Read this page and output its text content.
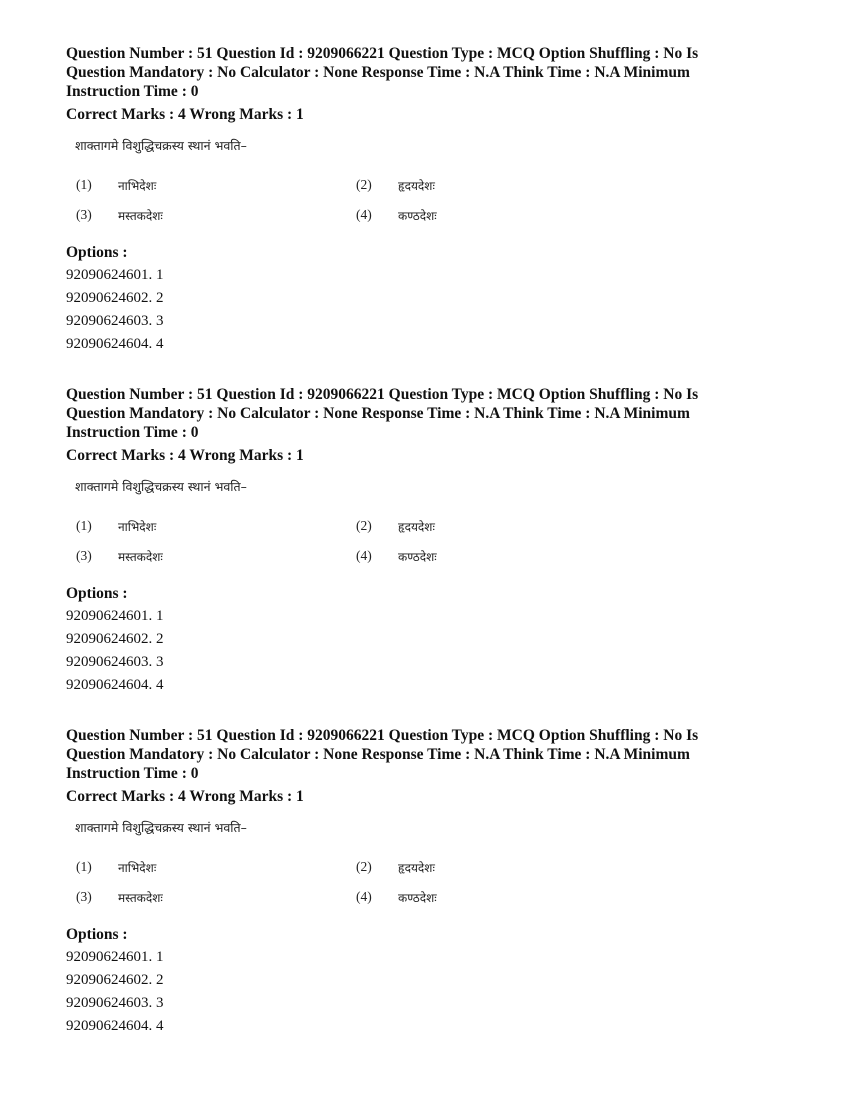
Question Number : 51 Question Id : 9209066221 Question Type : MCQ Option Shuffling : No Is
Question Mandatory : No Calculator : None Response Time : N.A Think Time : N.A Minimum
Instruction Time : 0
Correct Marks : 4 Wrong Marks : 1
शाक्तागमे विशुद्धिचक्रस्य स्थानं भवति–
(1)	नाभिदेशः	(2)	हृदयदेशः
(3)	मस्तकदेशः	(4)	कण्ठदेशः
Options :
92090624601. 1
92090624602. 2
92090624603. 3
92090624604. 4
Question Number : 51 Question Id : 9209066221 Question Type : MCQ Option Shuffling : No Is
Question Mandatory : No Calculator : None Response Time : N.A Think Time : N.A Minimum
Instruction Time : 0
Correct Marks : 4 Wrong Marks : 1
शाक्तागमे विशुद्धिचक्रस्य स्थानं भवति–
(1)	नाभिदेशः	(2)	हृदयदेशः
(3)	मस्तकदेशः	(4)	कण्ठदेशः
Options :
92090624601. 1
92090624602. 2
92090624603. 3
92090624604. 4
Question Number : 51 Question Id : 9209066221 Question Type : MCQ Option Shuffling : No Is
Question Mandatory : No Calculator : None Response Time : N.A Think Time : N.A Minimum
Instruction Time : 0
Correct Marks : 4 Wrong Marks : 1
शाक्तागमे विशुद्धिचक्रस्य स्थानं भवति–
(1)	नाभिदेशः	(2)	हृदयदेशः
(3)	मस्तकदेशः	(4)	कण्ठदेशः
Options :
92090624601. 1
92090624602. 2
92090624603. 3
92090624604. 4
